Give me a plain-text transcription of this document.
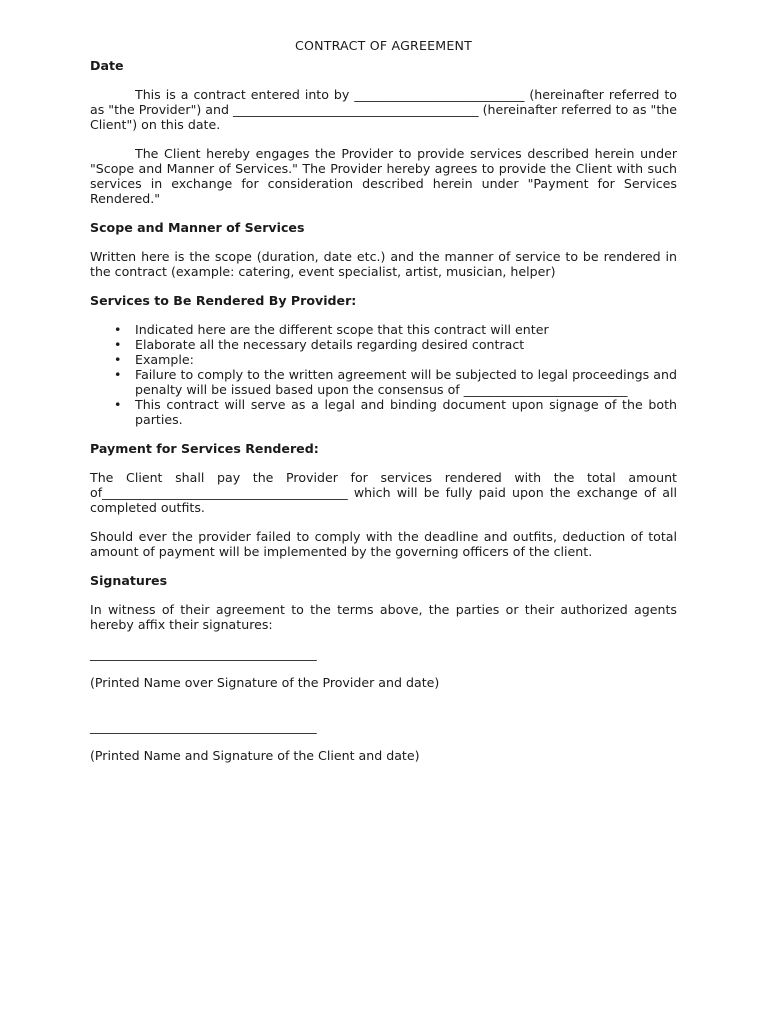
CONTRACT OF AGREEMENT
Date

This is a contract entered into by ___________________________ (hereinafter referred to as "the Provider") and _______________________________________ (hereinafter referred to as "the Client") on this date.

The Client hereby engages the Provider to provide services described herein under "Scope and Manner of Services." The Provider hereby agrees to provide the Client with such services in exchange for consideration described herein under "Payment for Services Rendered."

Scope and Manner of Services

Written here is the scope (duration, date etc.) and the manner of service to be rendered in the contract (example: catering, event specialist, artist, musician, helper)

Services to Be Rendered By Provider:
• Indicated here are the different scope that this contract will enter
• Elaborate all the necessary details regarding desired contract
• Example:
• Failure to comply to the written agreement will be subjected to legal proceedings and penalty will be issued based upon the consensus of __________________________
• This contract will serve as a legal and binding document upon signage of the both parties.
Payment for Services Rendered:

The Client shall pay the Provider for services rendered with the total amount of_______________________________________ which will be fully paid upon the exchange of all completed outfits.

Should ever the provider failed to comply with the deadline and outfits, deduction of total amount of payment will be implemented by the governing officers of the client.

Signatures

In witness of their agreement to the terms above, the parties or their authorized agents hereby affix their signatures:

____________________________________
(Printed Name over Signature of the Provider and date)
____________________________________
(Printed Name and Signature of the Client and date)
